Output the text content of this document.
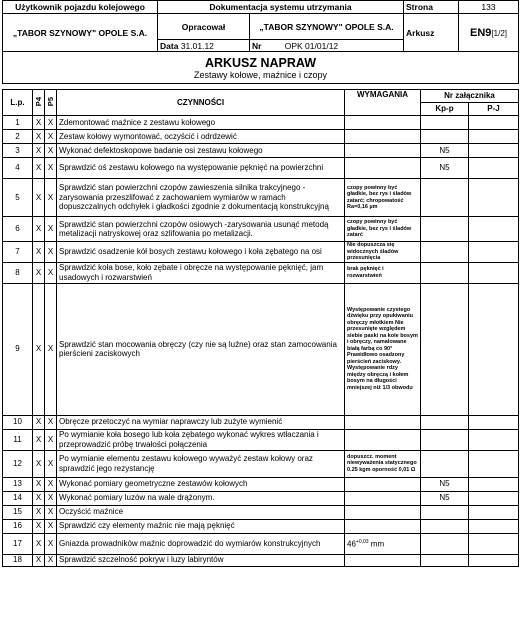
Użytkownik pojazdu kolejowego	Dokumentacja systemu utrzymania		Strona	133
„TABOR SZYNOWY" OPOLE S.A.	Opracował	„TABOR SZYNOWY" OPOLE S.A.	Arkusz	EN9[1/2]
	Data 31.01.12	Nr OPK 01/01/12		

ARKUSZ NAPRAW
Zestawy kołowe, maźnice i czopy				
L.p.	P4	P5	CZYNNOŚCI	WYMAGANIA	Nr załącznika	
					Kp-p	P-J
1	X	X	Zdemontować maźnice z zestawu kołowego			
2	X	X	Zestaw kołowy wymontować, oczyścić i odrdzewić			
3	X	X	Wykonać defektoskopowe badanie osi zestawu kołowego		N5	
4	X	X	Sprawdzić oś zestawu kołowego na występowanie pęknięć na powierzchni		N5	
5	X	X	Sprawdzić stan powierzchni czopów zawieszenia silnika trakcyjnego - zarysowania przeszlifować z zachowaniem wymiarów w ramach dopuszczalnych odchyłek i gładkości zgodnie z dokumentacją konstrukcyjną	czopy powinny być gładkie, bez rys i śladów zatarć; chropowatość Ra=0,16 µm		
6	X	X	Sprawdzić stan powierzchni czopów osiowych -zarysowania usunąć metodą metalizacji natryskowej oraz szlifowania po metalizacji.	czopy powinny być gładkie, bez rys i śladów zatarć		
7	X	X	Sprawdzić osadzenie kół bosych zestawu kołowego i koła zębatego na osi	Nie dopuszcza się widocznych śladów przesunięcia		
8	X	X	Sprawdzić koła bose, koło zębate i obręcze na występowanie pęknięć, jam usadowych i rozwarstwień	brak pęknięć i rozwarstwień		
9	X	X	Sprawdzić stan mocowania obręczy (czy nie są luźne) oraz stan zamocowania pierścieni zaciskowych	Występowanie czystego dźwięku przy opukiwaniu obręczy młotkiem Nie przesunięte względem siebie paski na kole bosym i obręczy, namalowane białą farbą co 90° Prawidłowo osadzony pierścień zaciskowy. Występowanie rdzy między obręczą i kołem bosym na długości mniejszej niż 1/3 obwodu		
10	X	X	Obręcze przetoczyć na wymiar naprawczy lub zużyte wymienić			
11	X	X	Po wymianie koła bosego lub koła zębatego wykonać wykres wtłaczania i przeprowadzić próbę trwałości połączenia			
12	X	X	Po wymianie elementu zestawu kołowego wyważyć zestaw kołowy oraz sprawdzić jego rezystancję	dopuszcz. moment niewyważenia statycznego 0.25 kgm oporność 0,01 Ω		
13	X	X	Wykonać pomiary geometryczne zestawów kołowych		N5	
14	X	X	Wykonać pomiary luzów na wale drążonym.		N5	
15	X	X	Oczyścić maźnice			
16	X	X	Sprawdzić czy elementy maźnic nie mają pęknięć			
17	X	X	Gniazda prowadników maźnic doprowadzić do wymiarów konstrukcyjnych	$46^{+0,03}$ mm		
18	X	X	Sprawdzić szczelność pokryw i luzy labiryntów			
